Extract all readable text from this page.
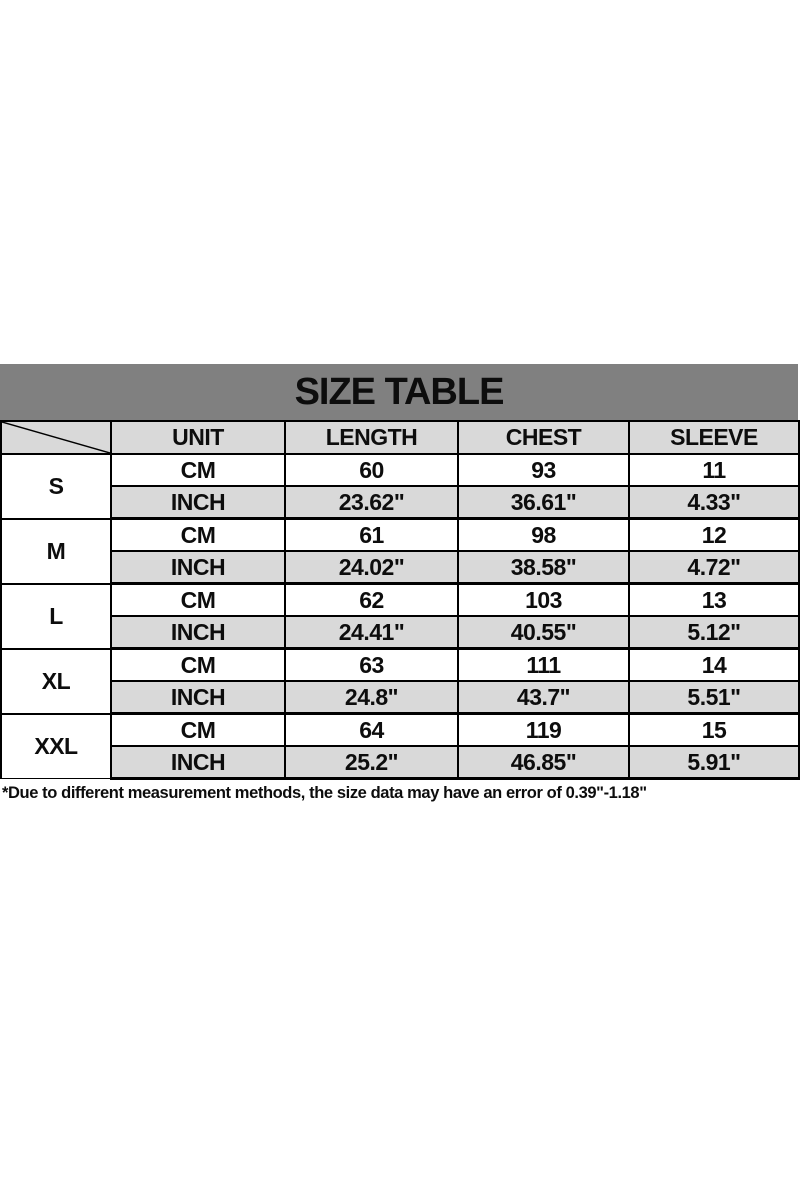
SIZE TABLE
	UNIT	LENGTH	CHEST	SLEEVE
S	CM	60	93	11
	INCH	23.62"	36.61"	4.33"
M	CM	61	98	12
	INCH	24.02"	38.58"	4.72"
L	CM	62	103	13
	INCH	24.41"	40.55"	5.12"
XL	CM	63	111	14
	INCH	24.8"	43.7"	5.51"
XXL	CM	64	119	15
	INCH	25.2"	46.85"	5.91"
*Due to different measurement methods, the size data may have an error of 0.39"-1.18"
